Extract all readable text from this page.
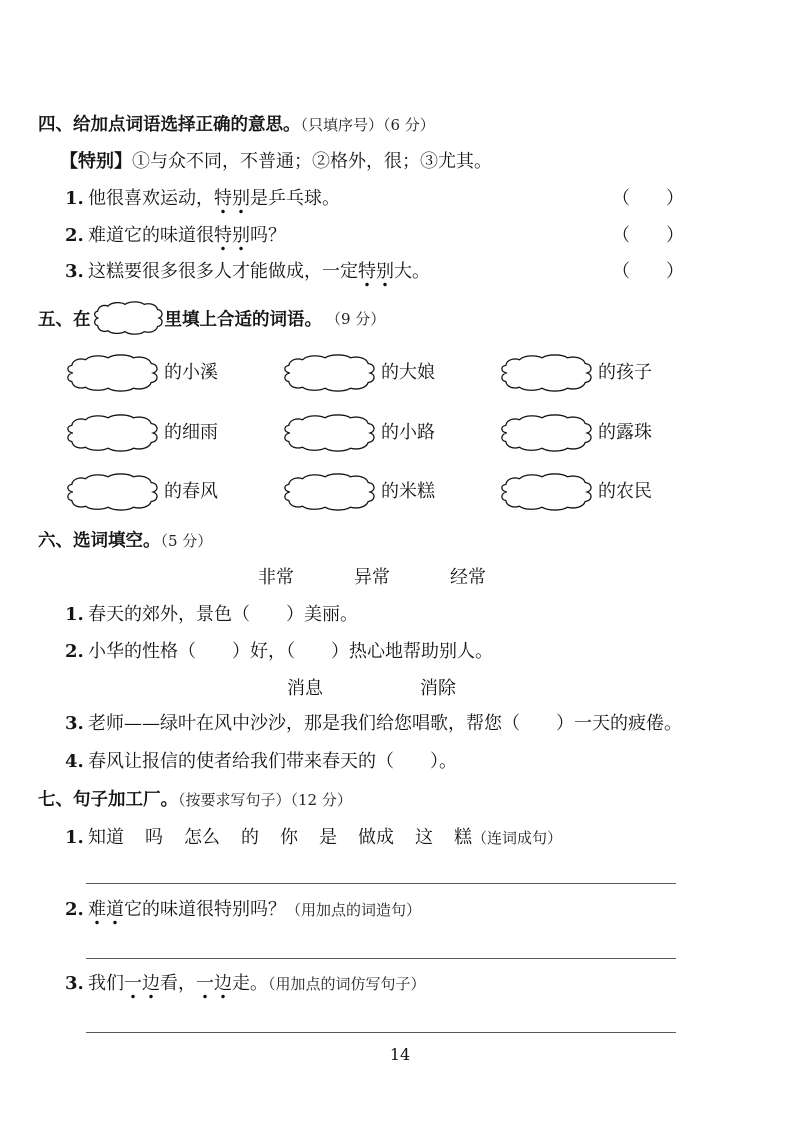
四、给加点词语选择正确的意思。（只填序号）（6 分）
【特别】①与众不同，不普通；②格外，很；③尤其。
1. 他很喜欢运动，特别是乒乓球。	（　　）
2. 难道它的味道很特别吗？	（　　）
3. 这糕要很多很多人才能做成，一定特别大。	（　　）
五、在	里填上合适的词语。 （9 分）
的小溪	的大娘	的孩子
的细雨	的小路	的露珠
的春风	的米糕	的农民
六、选词填空。（5 分）
非常	异常	经常
1. 春天的郊外，景色（　　）美丽。
2. 小华的性格（　　）好，（　　）热心地帮助别人。
消息	消除
3. 老师——绿叶在风中沙沙，那是我们给您唱歌，帮您（　　）一天的疲倦。
4. 春风让报信的使者给我们带来春天的（　　）。
七、句子加工厂。（按要求写句子）（12 分）
1. 知道 吗 怎么 的 你 是 做成 这 糕（连词成句）
2. 难道它的味道很特别吗？（用加点的词造句）
3. 我们一边看，一边走。（用加点的词仿写句子）
14
